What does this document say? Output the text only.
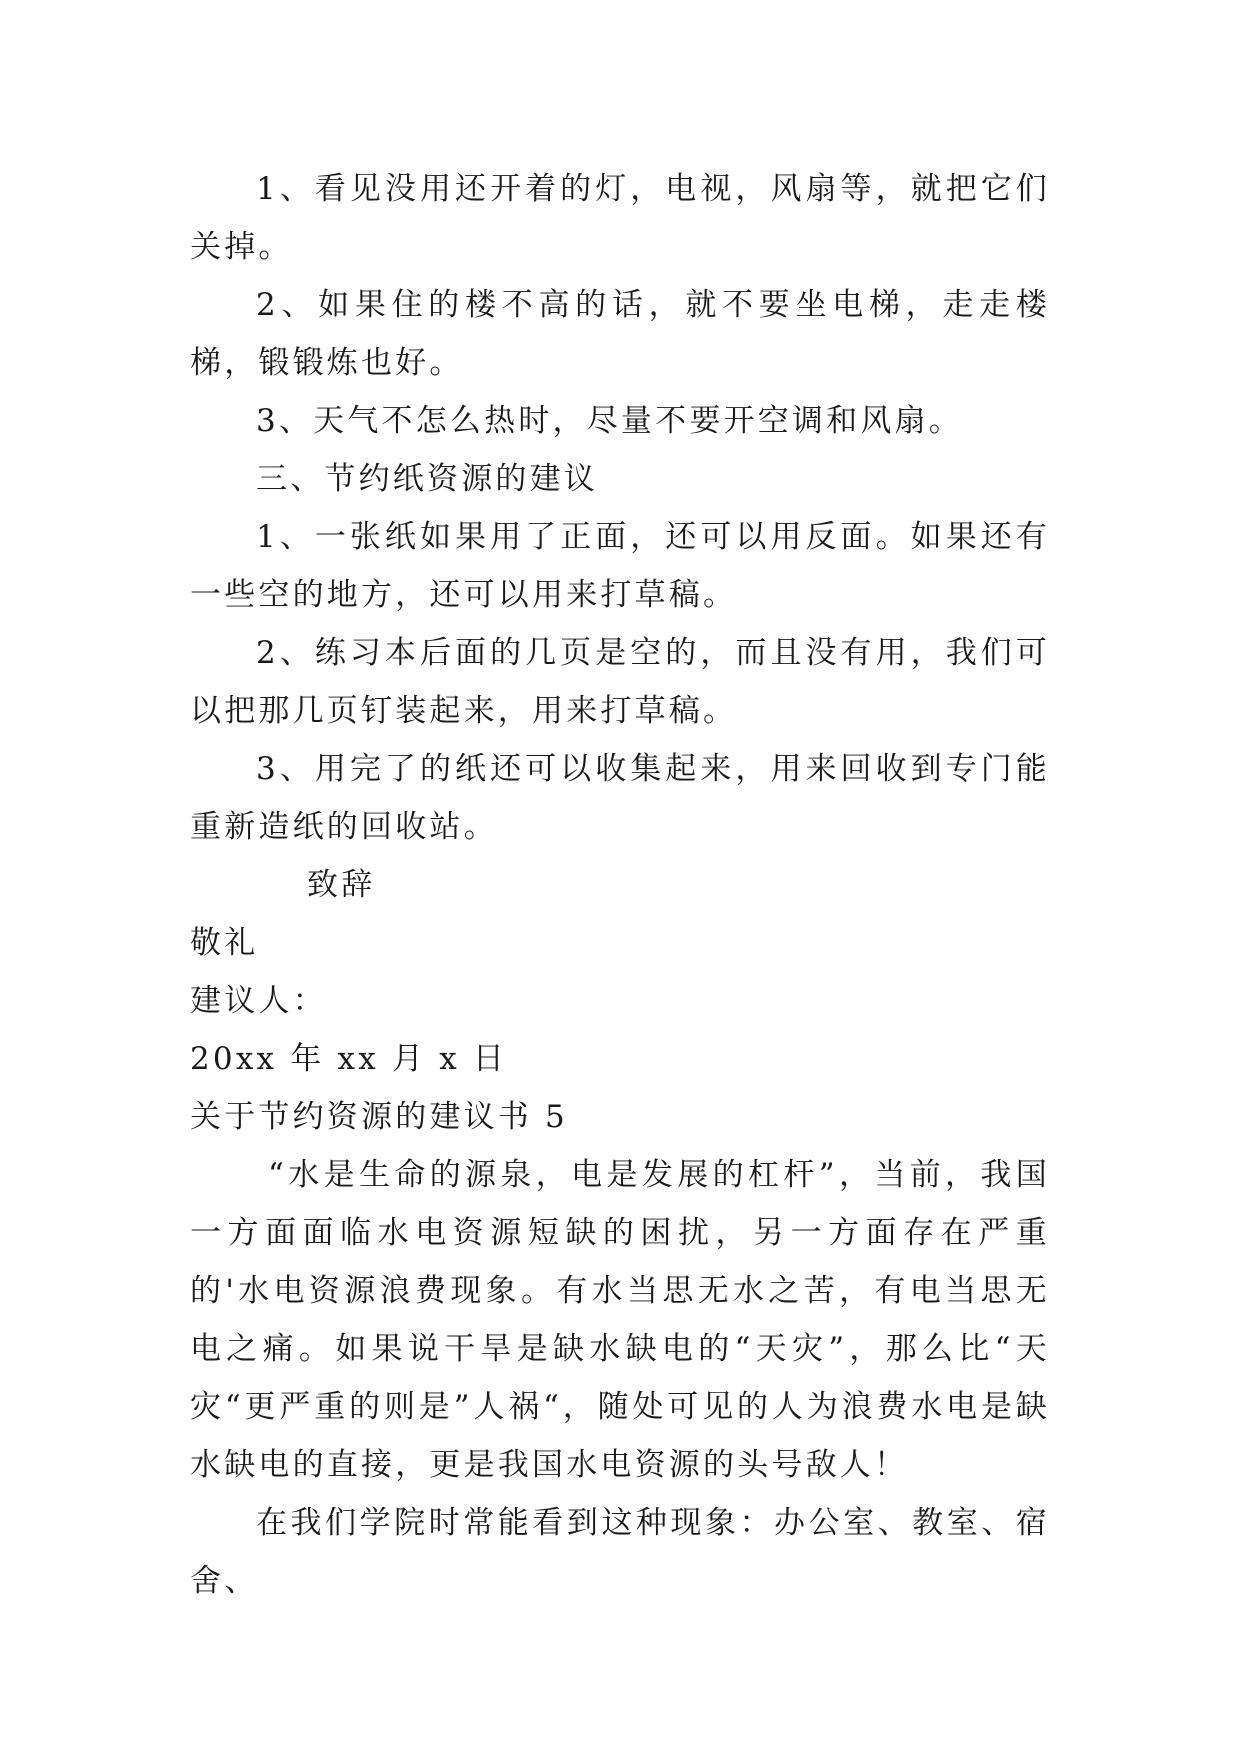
1、看见没用还开着的灯，电视，风扇等，就把它们关掉。

2、如果住的楼不高的话，就不要坐电梯，走走楼梯，锻锻炼也好。

3、天气不怎么热时，尽量不要开空调和风扇。

三、节约纸资源的建议

1、一张纸如果用了正面，还可以用反面。如果还有一些空的地方，还可以用来打草稿。

2、练习本后面的几页是空的，而且没有用，我们可以把那几页钉装起来，用来打草稿。

3、用完了的纸还可以收集起来，用来回收到专门能重新造纸的回收站。

致辞

敬礼

建议人：

20xx 年 xx 月 x 日

关于节约资源的建议书 5

“水是生命的源泉，电是发展的杠杆”，当前，我国一方面面临水电资源短缺的困扰，另一方面存在严重的'水电资源浪费现象。有水当思无水之苦，有电当思无电之痛。如果说干旱是缺水缺电的“天灾”，那么比“天灾“更严重的则是”人祸“，随处可见的人为浪费水电是缺水缺电的直接，更是我国水电资源的头号敌人！

在我们学院时常能看到这种现象：办公室、教室、宿舍、
